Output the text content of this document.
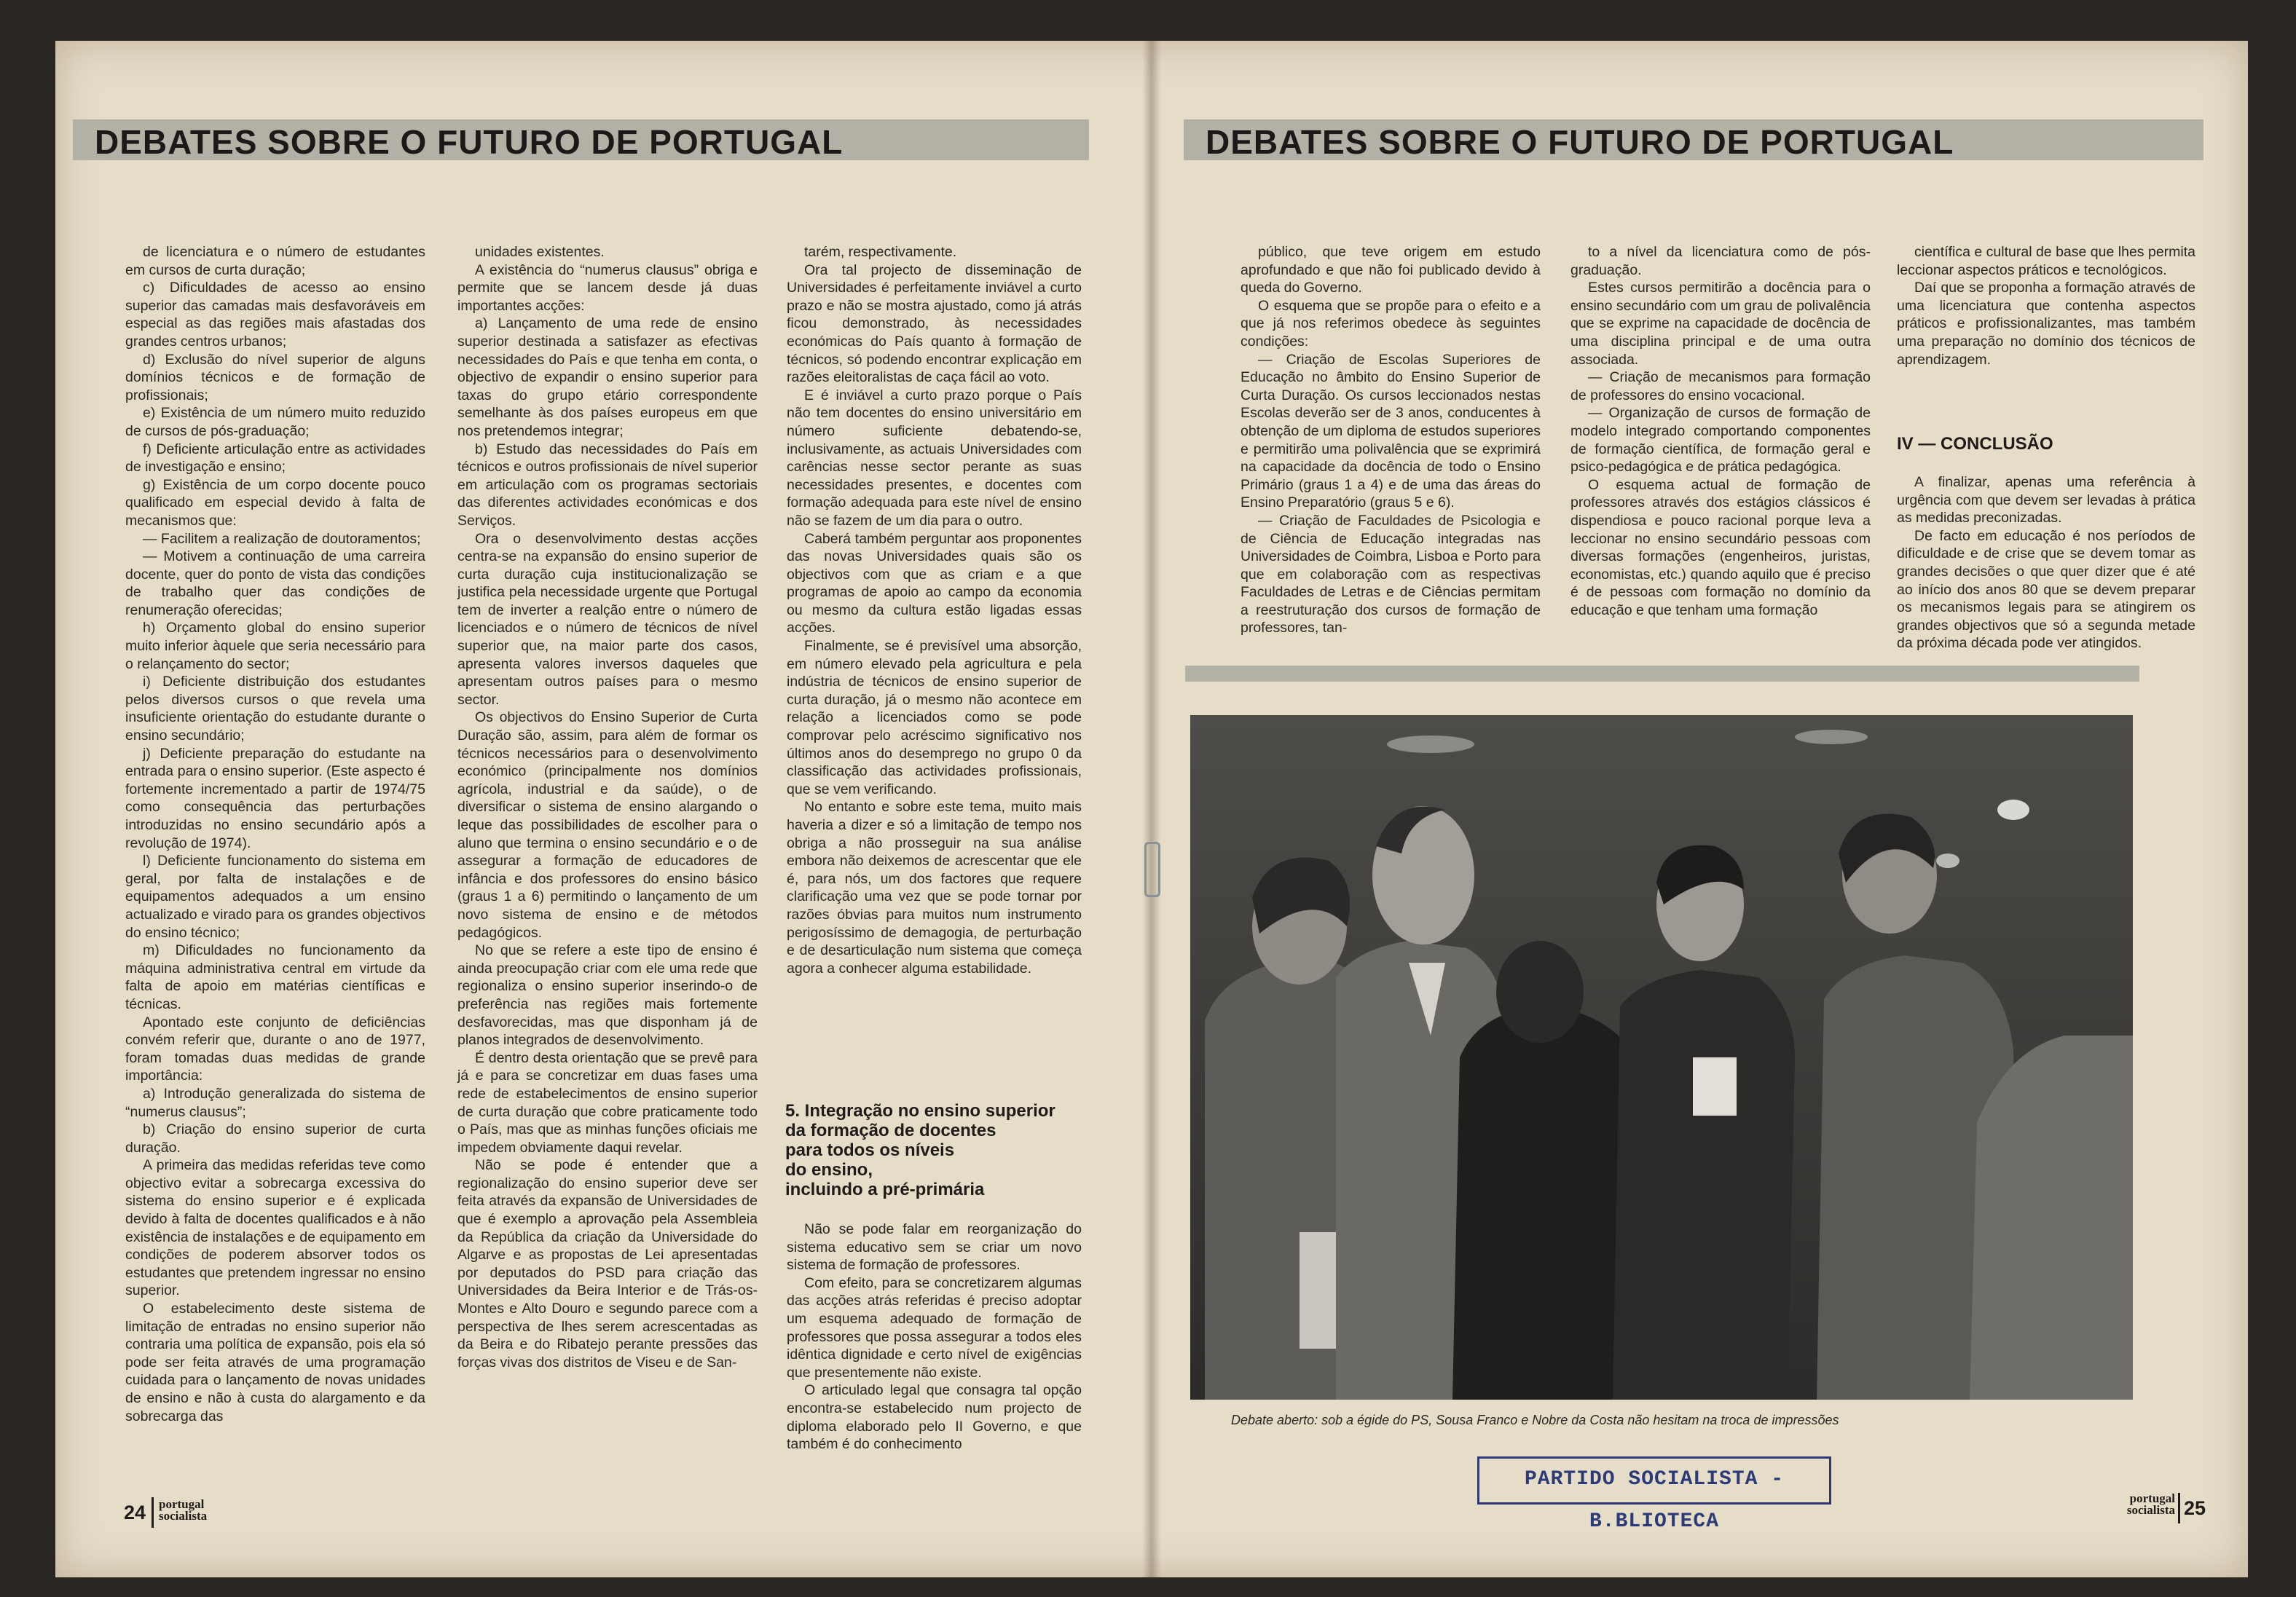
DEBATES SOBRE O FUTURO DE PORTUGAL

de licenciatura e o número de estudantes em cursos de curta duração;

c) Dificuldades de acesso ao ensino superior das camadas mais desfavoráveis em especial as das regiões mais afastadas dos grandes centros urbanos;

d) Exclusão do nível superior de alguns domínios técnicos e de formação de profissionais;

e) Existência de um número muito reduzido de cursos de pós-graduação;

f) Deficiente articulação entre as actividades de investigação e ensino;

g) Existência de um corpo docente pouco qualificado em especial devido à falta de mecanismos que:

— Facilitem a realização de doutoramentos;

— Motivem a continuação de uma carreira docente, quer do ponto de vista das condições de trabalho quer das condições de renumeração oferecidas;

h) Orçamento global do ensino superior muito inferior àquele que seria necessário para o relançamento do sector;

i) Deficiente distribuição dos estudantes pelos diversos cursos o que revela uma insuficiente orientação do estudante durante o ensino secundário;

j) Deficiente preparação do estudante na entrada para o ensino superior. (Este aspecto é fortemente incrementado a partir de 1974/75 como consequência das perturbações introduzidas no ensino secundário após a revolução de 1974).

l) Deficiente funcionamento do sistema em geral, por falta de instalações e de equipamentos adequados a um ensino actualizado e virado para os grandes objectivos do ensino técnico;

m) Dificuldades no funcionamento da máquina administrativa central em virtude da falta de apoio em matérias científicas e técnicas.

Apontado este conjunto de deficiências convém referir que, durante o ano de 1977, foram tomadas duas medidas de grande importância:

a) Introdução generalizada do sistema de “numerus clausus”;

b) Criação do ensino superior de curta duração.

A primeira das medidas referidas teve como objectivo evitar a sobrecarga excessiva do sistema do ensino superior e é explicada devido à falta de docentes qualificados e à não existência de instalações e de equipamento em condições de poderem absorver todos os estudantes que pretendem ingressar no ensino superior.

O estabelecimento deste sistema de limitação de entradas no ensino superior não contraria uma política de expansão, pois ela só pode ser feita através de uma programação cuidada para o lançamento de novas unidades de ensino e não à custa do alargamento e da sobrecarga das

unidades existentes.

A existência do “numerus clausus” obriga e permite que se lancem desde já duas importantes acções:

a) Lançamento de uma rede de ensino superior destinada a satisfazer as efectivas necessidades do País e que tenha em conta, o objectivo de expandir o ensino superior para taxas do grupo etário correspondente semelhante às dos países europeus em que nos pretendemos integrar;

b) Estudo das necessidades do País em técnicos e outros profissionais de nível superior em articulação com os programas sectoriais das diferentes actividades económicas e dos Serviços.

Ora o desenvolvimento destas acções centra-se na expansão do ensino superior de curta duração cuja institucionalização se justifica pela necessidade urgente que Portugal tem de inverter a realção entre o número de licenciados e o número de técnicos de nível superior que, na maior parte dos casos, apresenta valores inversos daqueles que apresentam outros países para o mesmo sector.

Os objectivos do Ensino Superior de Curta Duração são, assim, para além de formar os técnicos necessários para o desenvolvimento económico (principalmente nos domínios agrícola, industrial e da saúde), o de diversificar o sistema de ensino alargando o leque das possibilidades de escolher para o aluno que termina o ensino secundário e o de assegurar a formação de educadores de infância e dos professores do ensino básico (graus 1 a 6) permitindo o lançamento de um novo sistema de ensino e de métodos pedagógicos.

No que se refere a este tipo de ensino é ainda preocupação criar com ele uma rede que regionaliza o ensino superior inserindo-o de preferência nas regiões mais fortemente desfavorecidas, mas que disponham já de planos integrados de desenvolvimento.

É dentro desta orientação que se prevê para já e para se concretizar em duas fases uma rede de estabelecimentos de ensino superior de curta duração que cobre praticamente todo o País, mas que as minhas funções oficiais me impedem obviamente daqui revelar.

Não se pode é entender que a regionalização do ensino superior deve ser feita através da expansão de Universidades de que é exemplo a aprovação pela Assembleia da República da criação da Universidade do Algarve e as propostas de Lei apresentadas por deputados do PSD para criação das Universidades da Beira Interior e de Trás-os-Montes e Alto Douro e segundo parece com a perspectiva de lhes serem acrescentadas as da Beira e do Ribatejo perante pressões das forças vivas dos distritos de Viseu e de San-

tarém, respectivamente.

Ora tal projecto de disseminação de Universidades é perfeitamente inviável a curto prazo e não se mostra ajustado, como já atrás ficou demonstrado, às necessidades económicas do País quanto à formação de técnicos, só podendo encontrar explicação em razões eleitoralistas de caça fácil ao voto.

E é inviável a curto prazo porque o País não tem docentes do ensino universitário em número suficiente debatendo-se, inclusivamente, as actuais Universidades com carências nesse sector perante as suas necessidades presentes, e docentes com formação adequada para este nível de ensino não se fazem de um dia para o outro.

Caberá também perguntar aos proponentes das novas Universidades quais são os objectivos com que as criam e a que programas de apoio ao campo da economia ou mesmo da cultura estão ligadas essas acções.

Finalmente, se é previsível uma absorção, em número elevado pela agricultura e pela indústria de técnicos de ensino superior de curta duração, já o mesmo não acontece em relação a licenciados como se pode comprovar pelo acréscimo significativo nos últimos anos do desemprego no grupo 0 da classificação das actividades profissionais, que se vem verificando.

No entanto e sobre este tema, muito mais haveria a dizer e só a limitação de tempo nos obriga a não prosseguir na sua análise embora não deixemos de acrescentar que ele é, para nós, um dos factores que requere clarificação uma vez que se pode tornar por razões óbvias para muitos num instrumento perigosíssimo de demagogia, de perturbação e de desarticulação num sistema que começa agora a conhecer alguma estabilidade.

5. Integração no ensino superior
da formação de docentes
para todos os níveis
do ensino,
incluindo a pré-primária

Não se pode falar em reorganização do sistema educativo sem se criar um novo sistema de formação de professores.

Com efeito, para se concretizarem algumas das acções atrás referidas é preciso adoptar um esquema adequado de formação de professores que possa assegurar a todos eles idêntica dignidade e certo nível de exigências que presentemente não existe.

O articulado legal que consagra tal opção encontra-se estabelecido num projecto de diploma elaborado pelo II Governo, e que também é do conhecimento

24 portugal
socialista
DEBATES SOBRE O FUTURO DE PORTUGAL

público, que teve origem em estudo aprofundado e que não foi publicado devido à queda do Governo.

O esquema que se propõe para o efeito e a que já nos referimos obedece às seguintes condições:

— Criação de Escolas Superiores de Educação no âmbito do Ensino Superior de Curta Duração. Os cursos leccionados nestas Escolas deverão ser de 3 anos, conducentes à obtenção de um diploma de estudos superiores e permitirão uma polivalência que se exprimirá na capacidade da docência de todo o Ensino Primário (graus 1 a 4) e de uma das áreas do Ensino Preparatório (graus 5 e 6).

— Criação de Faculdades de Psicologia e de Ciência de Educação integradas nas Universidades de Coimbra, Lisboa e Porto para que em colaboração com as respectivas Faculdades de Letras e de Ciências permitam a reestruturação dos cursos de formação de professores, tan-

to a nível da licenciatura como de pós-graduação.

Estes cursos permitirão a docência para o ensino secundário com um grau de polivalência que se exprime na capacidade de docência de uma disciplina principal e de uma outra associada.

— Criação de mecanismos para formação de professores do ensino vocacional.

— Organização de cursos de formação de modelo integrado comportando componentes de formação científica, de formação geral e psico-pedagógica e de prática pedagógica.

O esquema actual de formação de professores através dos estágios clássicos é dispendiosa e pouco racional porque leva a leccionar no ensino secundário pessoas com diversas formações (engenheiros, juristas, economistas, etc.) quando aquilo que é preciso é de pessoas com formação no domínio da educação e que tenham uma formação

científica e cultural de base que lhes permita leccionar aspectos práticos e tecnológicos.

Daí que se proponha a formação através de uma licenciatura que contenha aspectos práticos e profissionalizantes, mas também uma preparação no domínio dos técnicos de aprendizagem.

IV — CONCLUSÃO

A finalizar, apenas uma referência à urgência com que devem ser levadas à prática as medidas preconizadas.

De facto em educação é nos períodos de dificuldade e de crise que se devem tomar as grandes decisões o que quer dizer que é até ao início dos anos 80 que se devem preparar os mecanismos legais para se atingirem os grandes objectivos que só a segunda metade da próxima década pode ver atingidos.

Debate aberto: sob a égide do PS, Sousa Franco e Nobre da Costa não hesitam na troca de impressões
portugal
socialista 25
PARTIDO SOCIALISTA - B.BLIOTECA
